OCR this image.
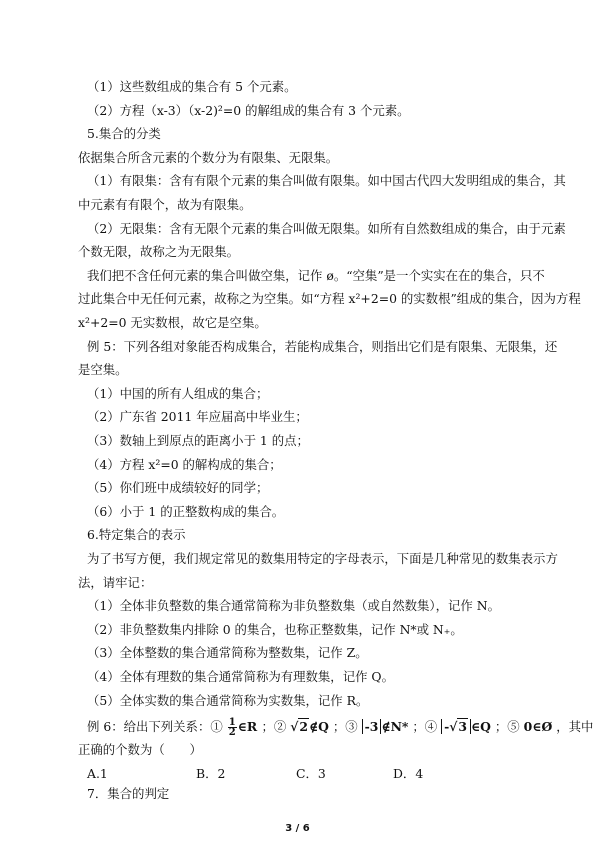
（1）这些数组成的集合有 5 个元素。
（2）方程（x-3）（x-2)²=0 的解组成的集合有 3 个元素。
5.集合的分类
依据集合所含元素的个数分为有限集、无限集。
（1）有限集：含有有限个元素的集合叫做有限集。如中国古代四大发明组成的集合，其
中元素有有限个，故为有限集。
（2）无限集：含有无限个元素的集合叫做无限集。如所有自然数组成的集合，由于元素
个数无限，故称之为无限集。
我们把不含任何元素的集合叫做空集，记作 ø。“空集”是一个实实在在的集合，只不
过此集合中无任何元素，故称之为空集。如“方程 x²+2=0 的实数根”组成的集合，因为方程
x²+2=0 无实数根，故它是空集。
例 5：下列各组对象能否构成集合，若能构成集合，则指出它们是有限集、无限集，还
是空集。
（1）中国的所有人组成的集合；
（2）广东省 2011 年应届高中毕业生；
（3）数轴上到原点的距离小于 1 的点；
（4）方程 x²=0 的解构成的集合；
（5）你们班中成绩较好的同学；
（6）小于 1 的正整数构成的集合。
6.特定集合的表示
为了书写方便，我们规定常见的数集用特定的字母表示，下面是几种常见的数集表示方
法，请牢记：
（1）全体非负整数的集合通常简称为非负整数集（或自然数集），记作 N。
（2）非负整数集内排除 0 的集合，也称正整数集，记作 N*或 N₊。
（3）全体整数的集合通常简称为整数集，记作 Z。
（4）全体有理数的集合通常简称为有理数集，记作 Q。
（5）全体实数的集合通常简称为实数集，记作 R。
例 6：给出下列关系：① $\frac{1}{2}$ ∈R ；② √2∉Q ；③ -3 ∉N* ；④ -√3 ∈Q ；⑤ 0∈Ø ，其中
正确的个数为（　　）
A.1	B．2	C．3	D．4
7．集合的判定
3 / 6
